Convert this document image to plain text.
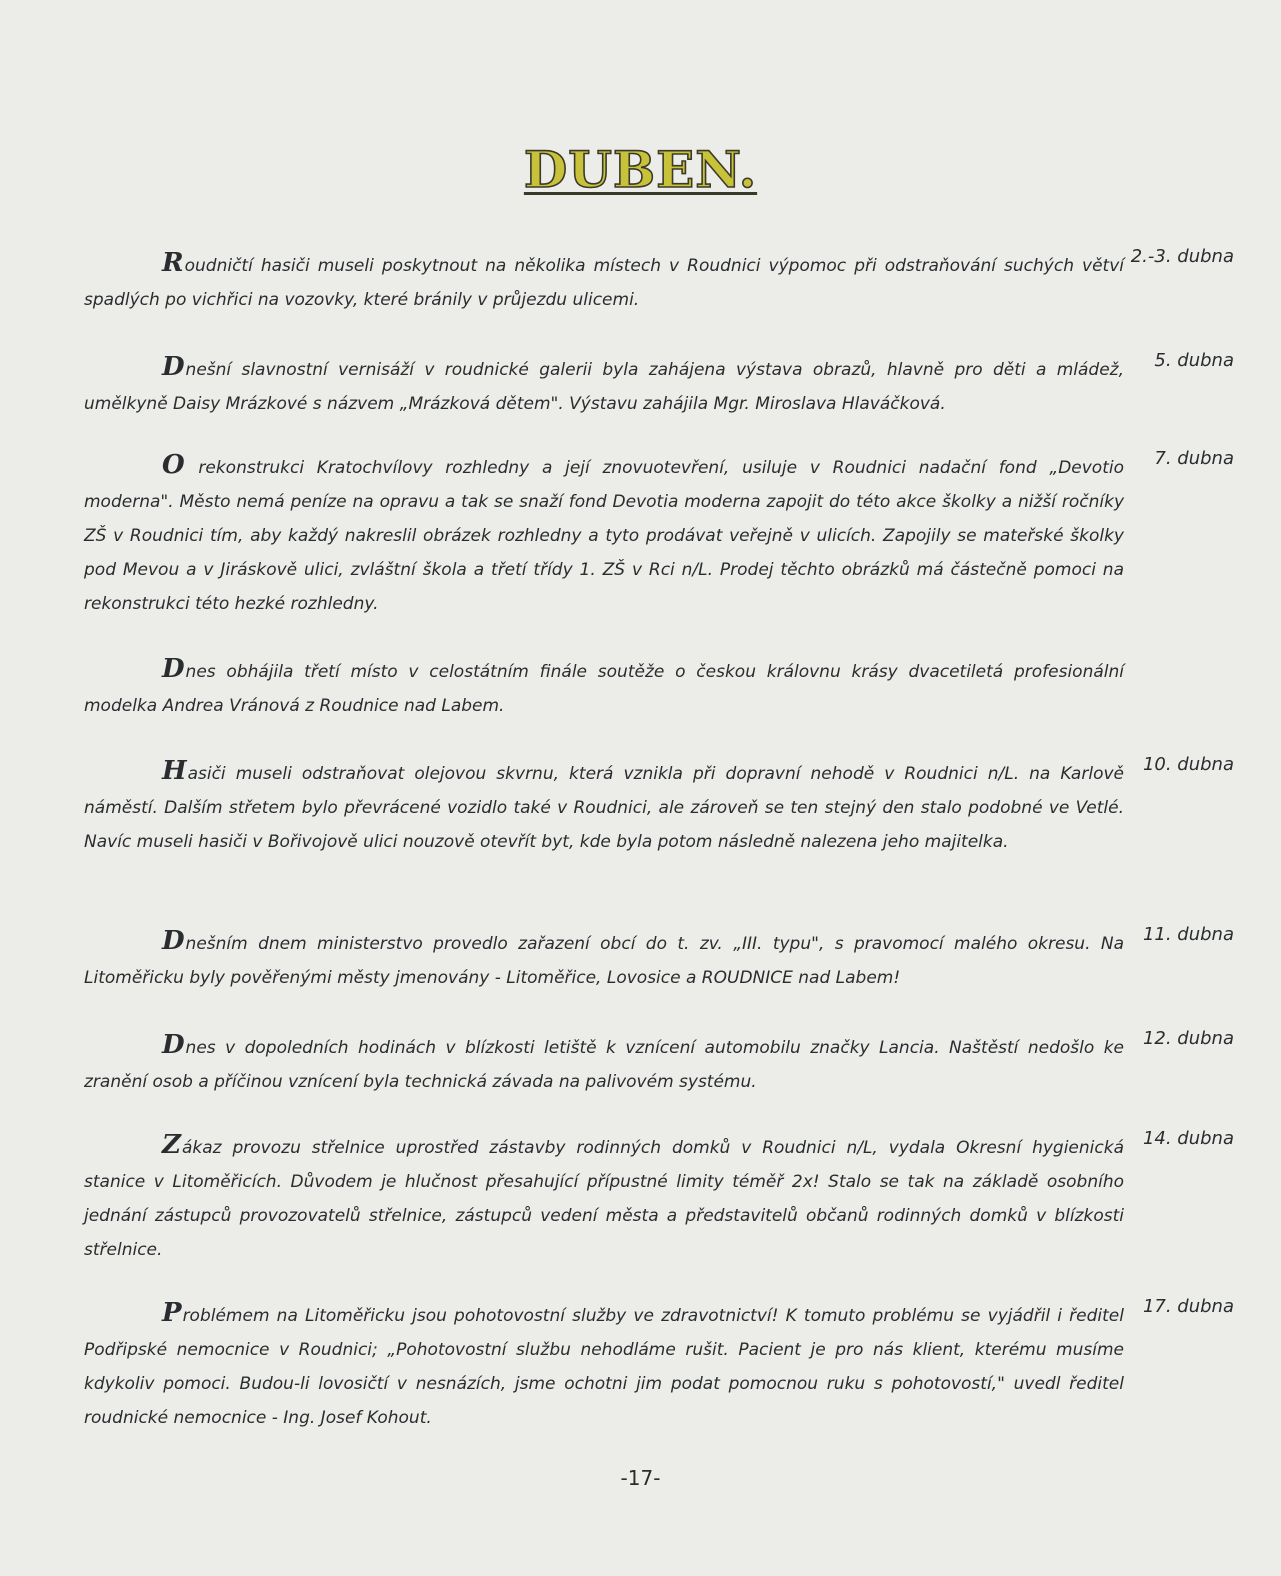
DUBEN.
2.-3. dubna
Roudničtí hasiči museli poskytnout na několika místech v Roudnici výpomoc při odstraňování suchých větví spadlých po vichřici na vozovky, které bránily v průjezdu ulicemi.
5. dubna
Dnešní slavnostní vernisáží v roudnické galerii byla zahájena výstava obrazů, hlavně pro děti a mládež, umělkyně Daisy Mrázkové s názvem „Mrázková dětem". Výstavu zahájila Mgr. Miroslava Hlaváčková.
7. dubna
O rekonstrukci Kratochvílovy rozhledny a její znovuotevření, usiluje v Roudnici nadační fond „Devotio moderna". Město nemá peníze na opravu a tak se snaží fond Devotia moderna zapojit do této akce školky a nižší ročníky ZŠ v Roudnici tím, aby každý nakreslil obrázek rozhledny a tyto prodávat veřejně v ulicích. Zapojily se mateřské školky pod Mevou a v Jiráskově ulici, zvláštní škola a třetí třídy 1. ZŠ v Rci n/L. Prodej těchto obrázků má částečně pomoci na rekonstrukci této hezké rozhledny.
Dnes obhájila třetí místo v celostátním finále soutěže o českou královnu krásy dvacetiletá profesionální modelka Andrea Vránová z Roudnice nad Labem.
10. dubna
Hasiči museli odstraňovat olejovou skvrnu, která vznikla při dopravní nehodě v Roudnici n/L. na Karlově náměstí. Dalším střetem bylo převrácené vozidlo také v Roudnici, ale zároveň se ten stejný den stalo podobné ve Vetlé. Navíc museli hasiči v Bořivojově ulici nouzově otevřít byt, kde byla potom následně nalezena jeho majitelka.
11. dubna
Dnešním dnem ministerstvo provedlo zařazení obcí do t. zv. „III. typu", s pravomocí malého okresu. Na Litoměřicku byly pověřenými městy jmenovány - Litoměřice, Lovosice a ROUDNICE nad Labem!
12. dubna
Dnes v dopoledních hodinách v blízkosti letiště k vznícení automobilu značky Lancia. Naštěstí nedošlo ke zranění osob a příčinou vznícení byla technická závada na palivovém systému.
14. dubna
Zákaz provozu střelnice uprostřed zástavby rodinných domků v Roudnici n/L, vydala Okresní hygienická stanice v Litoměřicích. Důvodem je hlučnost přesahující přípustné limity téměř 2x! Stalo se tak na základě osobního jednání zástupců provozovatelů střelnice, zástupců vedení města a představitelů občanů rodinných domků v blízkosti střelnice.
17. dubna
Problémem na Litoměřicku jsou pohotovostní služby ve zdravotnictví! K tomuto problému se vyjádřil i ředitel Podřipské nemocnice v Roudnici; „Pohotovostní službu nehodláme rušit. Pacient je pro nás klient, kterému musíme kdykoliv pomoci. Budou-li lovosičtí v nesnázích, jsme ochotni jim podat pomocnou ruku s pohotovostí," uvedl ředitel roudnické nemocnice - Ing. Josef Kohout.
-17-
